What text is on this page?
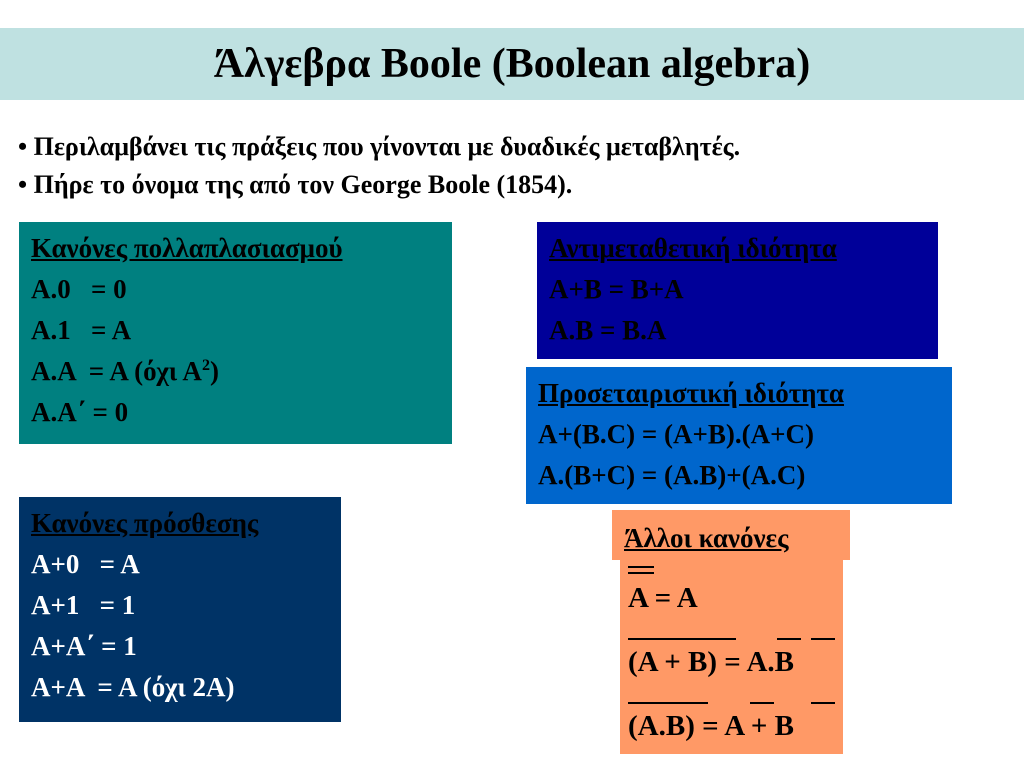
Άλγεβρα Boole (Boolean algebra)
• Περιλαμβάνει τις πράξεις που γίνονται με δυαδικές μεταβλητές.
• Πήρε το όνομα της από τον George Boole (1854).
Κανόνες πολλαπλασιασμού
Α.0   = 0
Α.1   = Α
Α.Α  = Α (όχι $A^2$)
Α.Α΄ = 0
Κανόνες πρόσθεσης
Α+0   = Α
Α+1   = 1
Α+Α΄ = 1
Α+Α  = Α (όχι 2Α)
Αντιμεταθετική ιδιότητα
Α+Β = Β+Α
Α.Β = Β.Α
Προσεταιριστική ιδιότητα
Α+(Β.C) = (Α+Β).(Α+C)
Α.(Β+C) = (Α.Β)+(Α.C)
Άλλοι κανόνες
A = A
(A + B) = A.B
(A.B) = A + B
